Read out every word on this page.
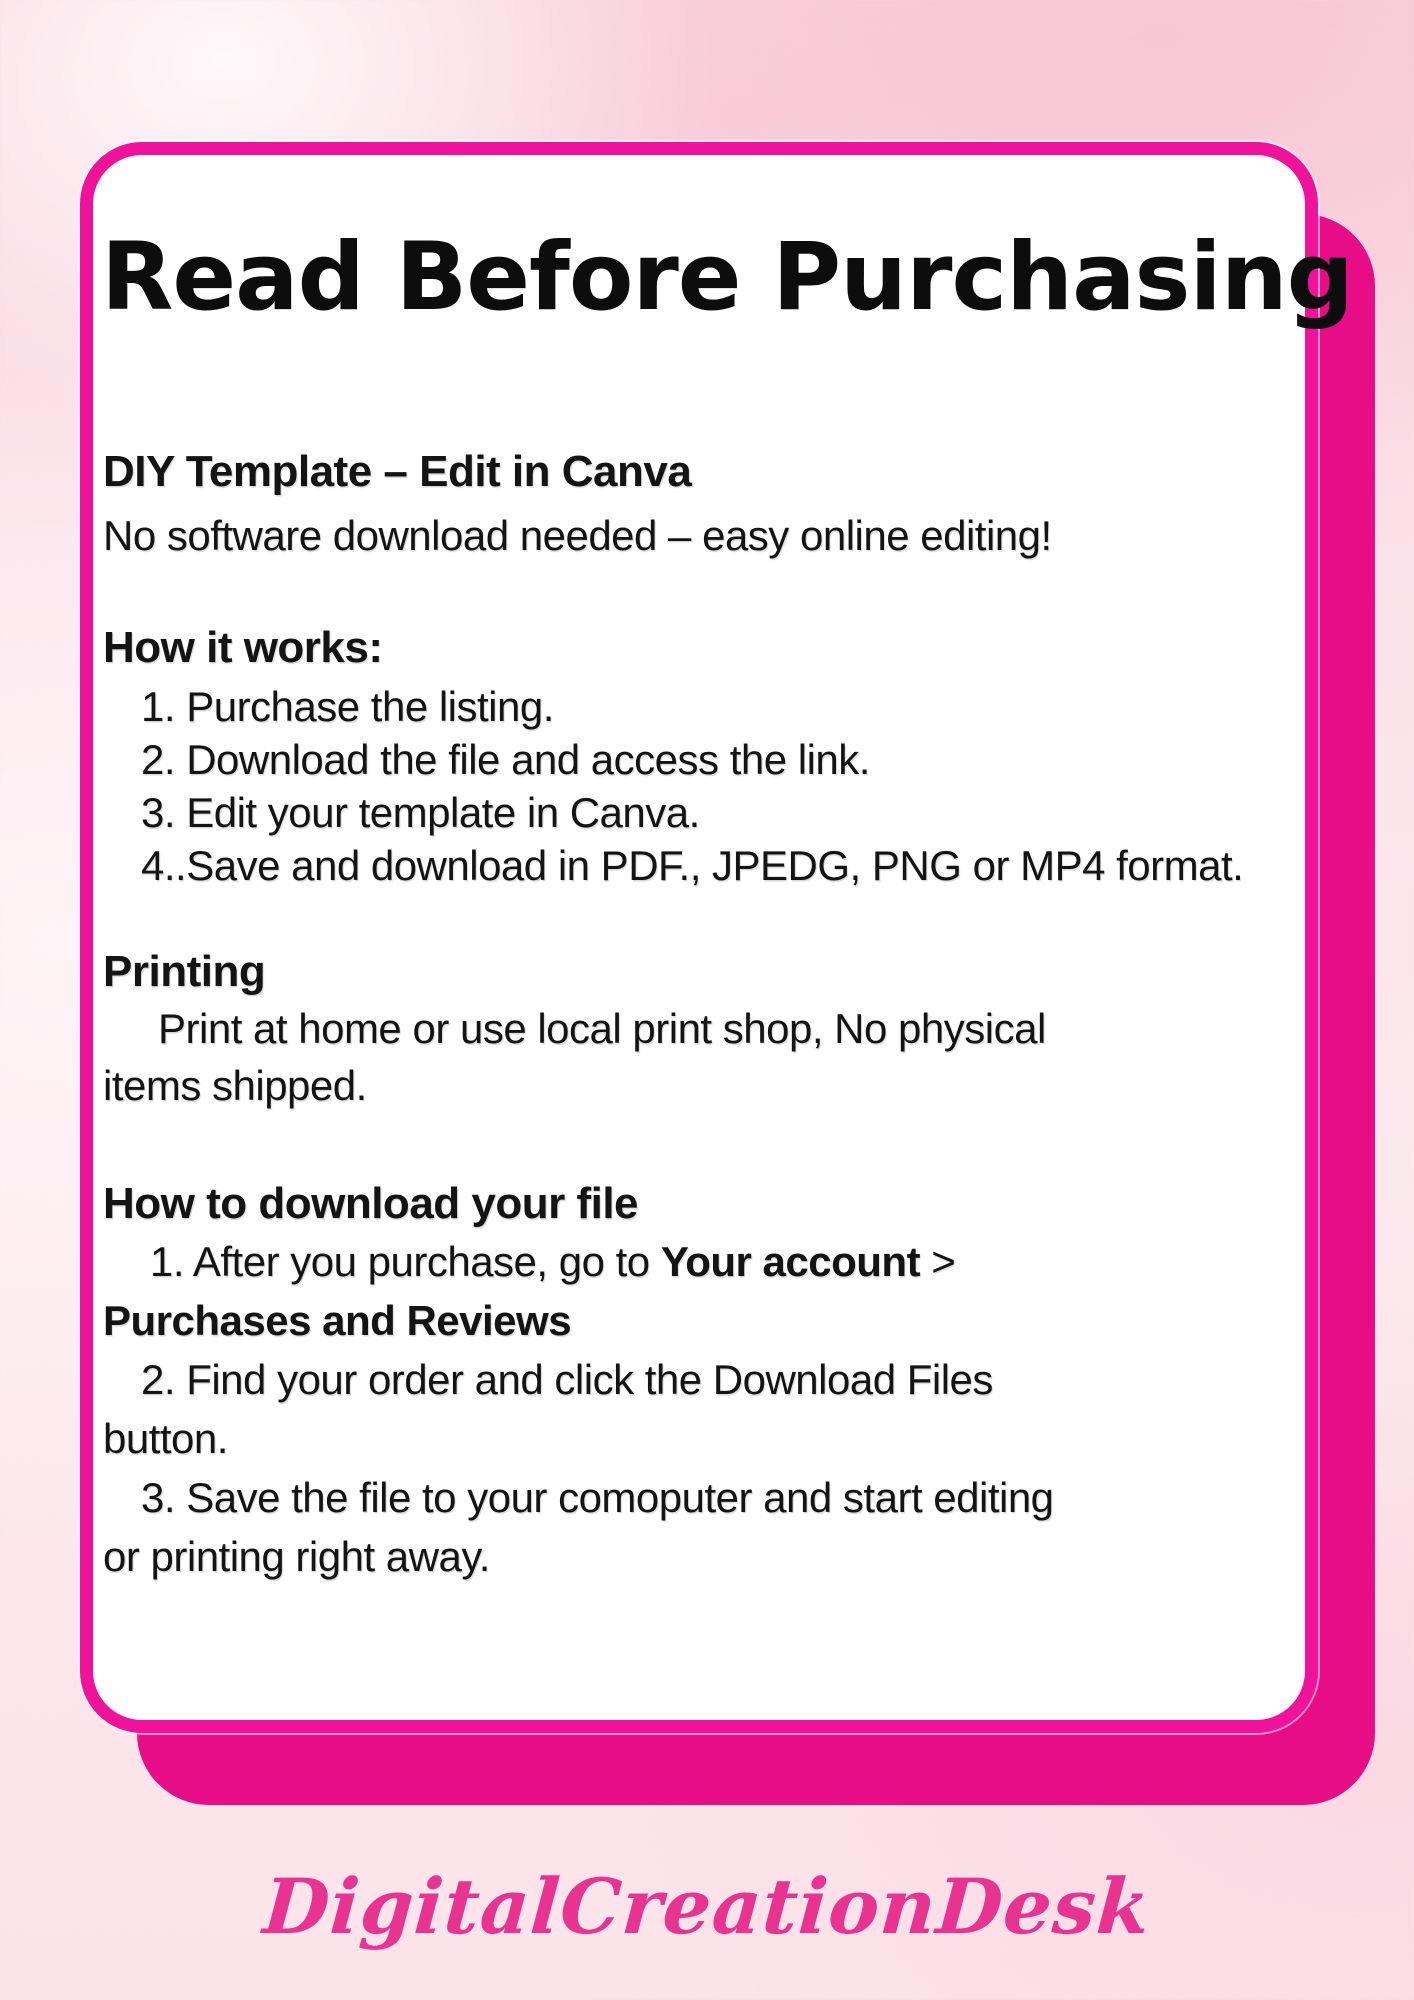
Read Before Purchasing
DIY Template – Edit in Canva
No software download needed – easy online editing!
How it works:
1. Purchase the listing.
2. Download the file and access the link.
3. Edit your template in Canva.
4..Save and download in PDF., JPEDG, PNG or MP4 format.
Printing
Print at home or use local print shop, No physical
items shipped.
How to download your file
1. After you purchase, go to Your account >
Purchases and Reviews
2. Find your order and click the Download Files
button.
3. Save the file to your comoputer and start editing
or printing right away.
DigitalCreationDesk
